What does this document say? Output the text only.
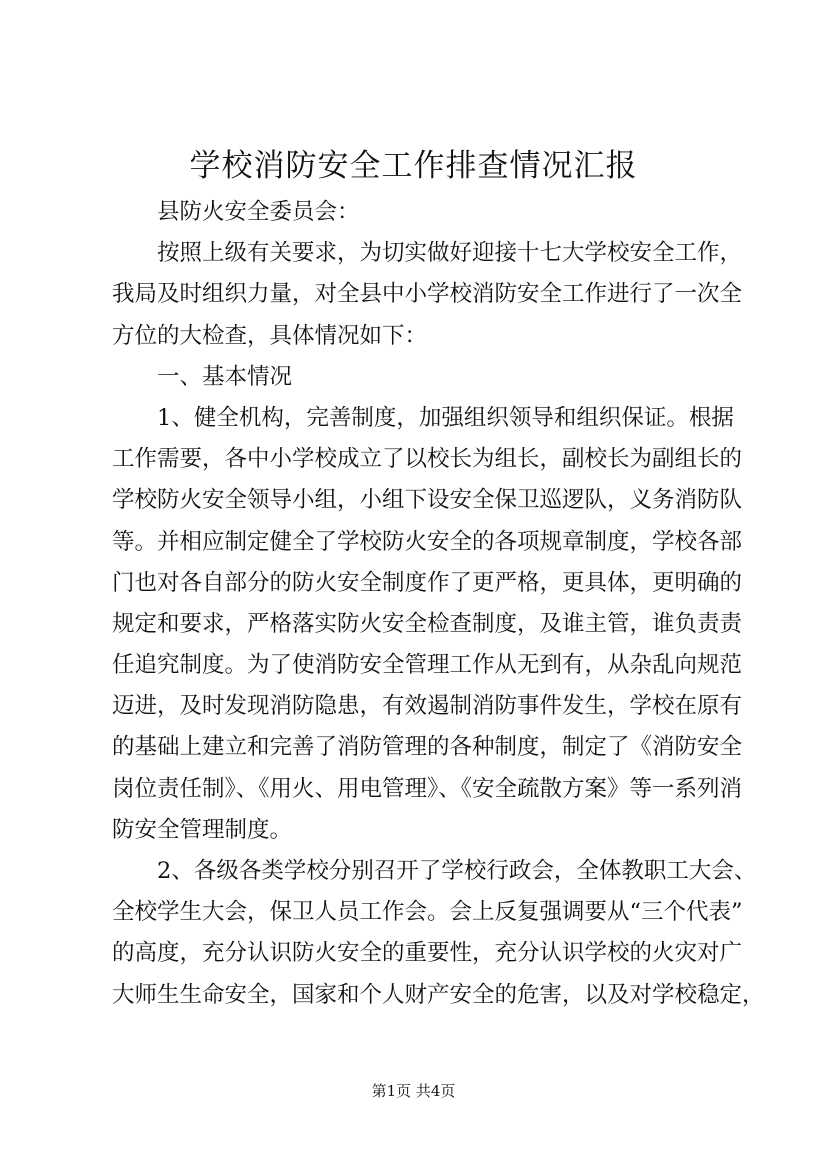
学校消防安全工作排查情况汇报
县防火安全委员会：
按照上级有关要求，为切实做好迎接十七大学校安全工作，
我局及时组织力量，对全县中小学校消防安全工作进行了一次全
方位的大检查，具体情况如下：
一、基本情况
1、健全机构，完善制度，加强组织领导和组织保证。根据
工作需要，各中小学校成立了以校长为组长，副校长为副组长的
学校防火安全领导小组，小组下设安全保卫巡逻队，义务消防队
等。并相应制定健全了学校防火安全的各项规章制度，学校各部
门也对各自部分的防火安全制度作了更严格，更具体，更明确的
规定和要求，严格落实防火安全检查制度，及谁主管，谁负责责
任追究制度。为了使消防安全管理工作从无到有，从杂乱向规范
迈进，及时发现消防隐患，有效遏制消防事件发生，学校在原有
的基础上建立和完善了消防管理的各种制度，制定了《消防安全
岗位责任制》、《用火、用电管理》、《安全疏散方案》等一系列消
防安全管理制度。
2、各级各类学校分别召开了学校行政会，全体教职工大会、
全校学生大会，保卫人员工作会。会上反复强调要从“三个代表”
的高度，充分认识防火安全的重要性，充分认识学校的火灾对广
大师生生命安全，国家和个人财产安全的危害，以及对学校稳定，
第1页 共4页
